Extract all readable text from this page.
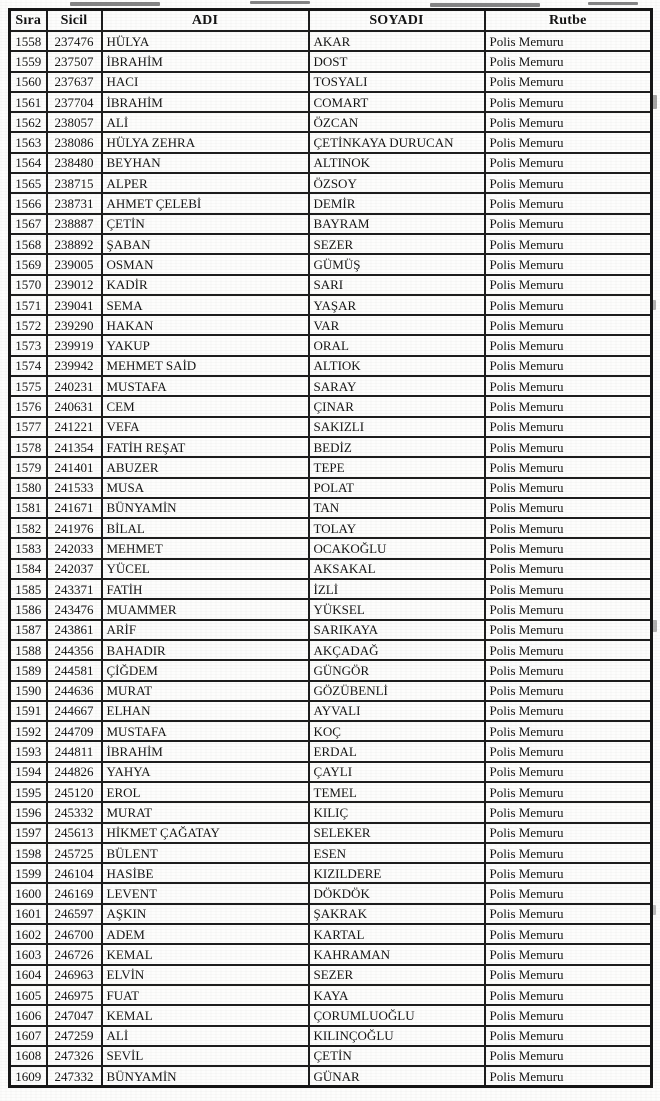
Sıra	Sicil	ADI	SOYADI	Rutbe
1558	237476	HÜLYA	AKAR	Polis Memuru
1559	237507	İBRAHİM	DOST	Polis Memuru
1560	237637	HACI	TOSYALI	Polis Memuru
1561	237704	İBRAHİM	COMART	Polis Memuru
1562	238057	ALİ	ÖZCAN	Polis Memuru
1563	238086	HÜLYA ZEHRA	ÇETİNKAYA DURUCAN	Polis Memuru
1564	238480	BEYHAN	ALTINOK	Polis Memuru
1565	238715	ALPER	ÖZSOY	Polis Memuru
1566	238731	AHMET ÇELEBİ	DEMİR	Polis Memuru
1567	238887	ÇETİN	BAYRAM	Polis Memuru
1568	238892	ŞABAN	SEZER	Polis Memuru
1569	239005	OSMAN	GÜMÜŞ	Polis Memuru
1570	239012	KADİR	SARI	Polis Memuru
1571	239041	SEMA	YAŞAR	Polis Memuru
1572	239290	HAKAN	VAR	Polis Memuru
1573	239919	YAKUP	ORAL	Polis Memuru
1574	239942	MEHMET SAİD	ALTIOK	Polis Memuru
1575	240231	MUSTAFA	SARAY	Polis Memuru
1576	240631	CEM	ÇINAR	Polis Memuru
1577	241221	VEFA	SAKIZLI	Polis Memuru
1578	241354	FATİH REŞAT	BEDİZ	Polis Memuru
1579	241401	ABUZER	TEPE	Polis Memuru
1580	241533	MUSA	POLAT	Polis Memuru
1581	241671	BÜNYAMİN	TAN	Polis Memuru
1582	241976	BİLAL	TOLAY	Polis Memuru
1583	242033	MEHMET	OCAKOĞLU	Polis Memuru
1584	242037	YÜCEL	AKSAKAL	Polis Memuru
1585	243371	FATİH	İZLİ	Polis Memuru
1586	243476	MUAMMER	YÜKSEL	Polis Memuru
1587	243861	ARİF	SARIKAYA	Polis Memuru
1588	244356	BAHADIR	AKÇADAĞ	Polis Memuru
1589	244581	ÇİĞDEM	GÜNGÖR	Polis Memuru
1590	244636	MURAT	GÖZÜBENLİ	Polis Memuru
1591	244667	ELHAN	AYVALI	Polis Memuru
1592	244709	MUSTAFA	KOÇ	Polis Memuru
1593	244811	İBRAHİM	ERDAL	Polis Memuru
1594	244826	YAHYA	ÇAYLI	Polis Memuru
1595	245120	EROL	TEMEL	Polis Memuru
1596	245332	MURAT	KILIÇ	Polis Memuru
1597	245613	HİKMET ÇAĞATAY	SELEKER	Polis Memuru
1598	245725	BÜLENT	ESEN	Polis Memuru
1599	246104	HASİBE	KIZILDERE	Polis Memuru
1600	246169	LEVENT	DÖKDÖK	Polis Memuru
1601	246597	AŞKIN	ŞAKRAK	Polis Memuru
1602	246700	ADEM	KARTAL	Polis Memuru
1603	246726	KEMAL	KAHRAMAN	Polis Memuru
1604	246963	ELVİN	SEZER	Polis Memuru
1605	246975	FUAT	KAYA	Polis Memuru
1606	247047	KEMAL	ÇORUMLUOĞLU	Polis Memuru
1607	247259	ALİ	KILINÇOĞLU	Polis Memuru
1608	247326	SEVİL	ÇETİN	Polis Memuru
1609	247332	BÜNYAMİN	GÜNAR	Polis Memuru
